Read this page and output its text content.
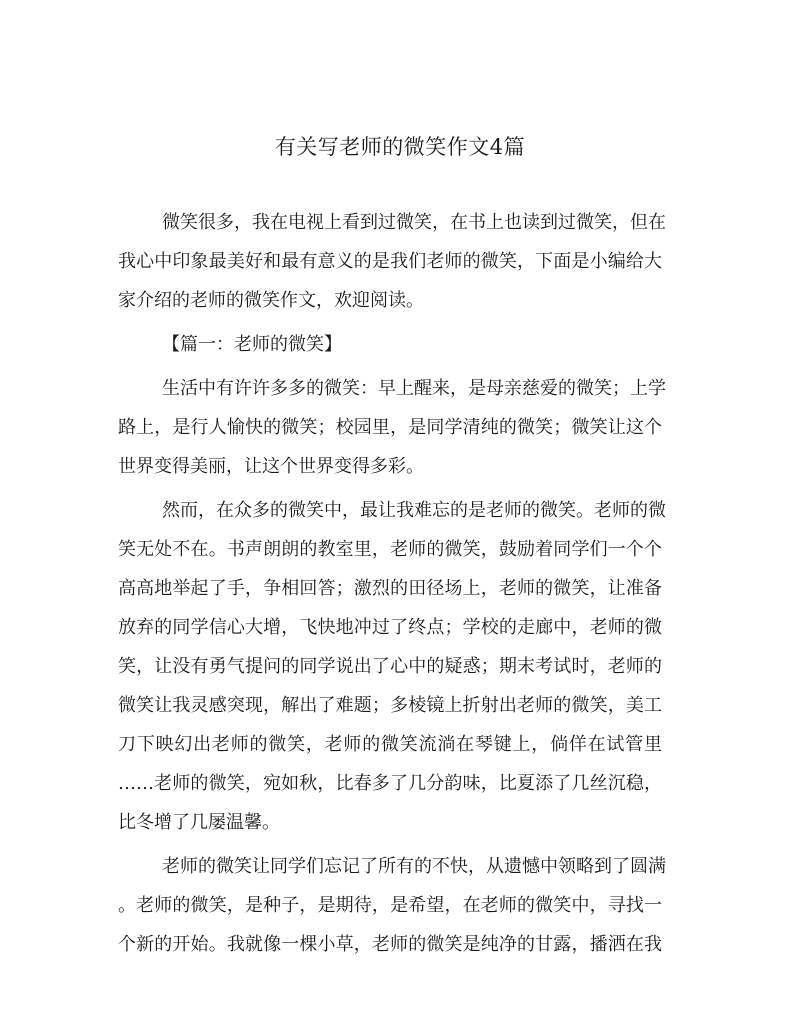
有关写老师的微笑作文4篇
微笑很多，我在电视上看到过微笑，在书上也读到过微笑，但在
我心中印象最美好和最有意义的是我们老师的微笑，下面是小编给大
家介绍的老师的微笑作文，欢迎阅读。
【篇一：老师的微笑】
生活中有许许多多的微笑：早上醒来，是母亲慈爱的微笑；上学
路上，是行人愉快的微笑；校园里，是同学清纯的微笑；微笑让这个
世界变得美丽，让这个世界变得多彩。
然而，在众多的微笑中，最让我难忘的是老师的微笑。老师的微
笑无处不在。书声朗朗的教室里，老师的微笑，鼓励着同学们一个个
高高地举起了手，争相回答；激烈的田径场上，老师的微笑，让准备
放弃的同学信心大增，飞快地冲过了终点；学校的走廊中，老师的微
笑，让没有勇气提问的同学说出了心中的疑惑；期末考试时，老师的
微笑让我灵感突现，解出了难题；多棱镜上折射出老师的微笑，美工
刀下映幻出老师的微笑，老师的微笑流淌在琴键上，倘佯在试管里
……老师的微笑，宛如秋，比春多了几分韵味，比夏添了几丝沉稳，
比冬增了几屡温馨。
老师的微笑让同学们忘记了所有的不快，从遗憾中领略到了圆满
。老师的微笑，是种子，是期待，是希望，在老师的微笑中，寻找一
个新的开始。我就像一棵小草，老师的微笑是纯净的甘露，播洒在我
